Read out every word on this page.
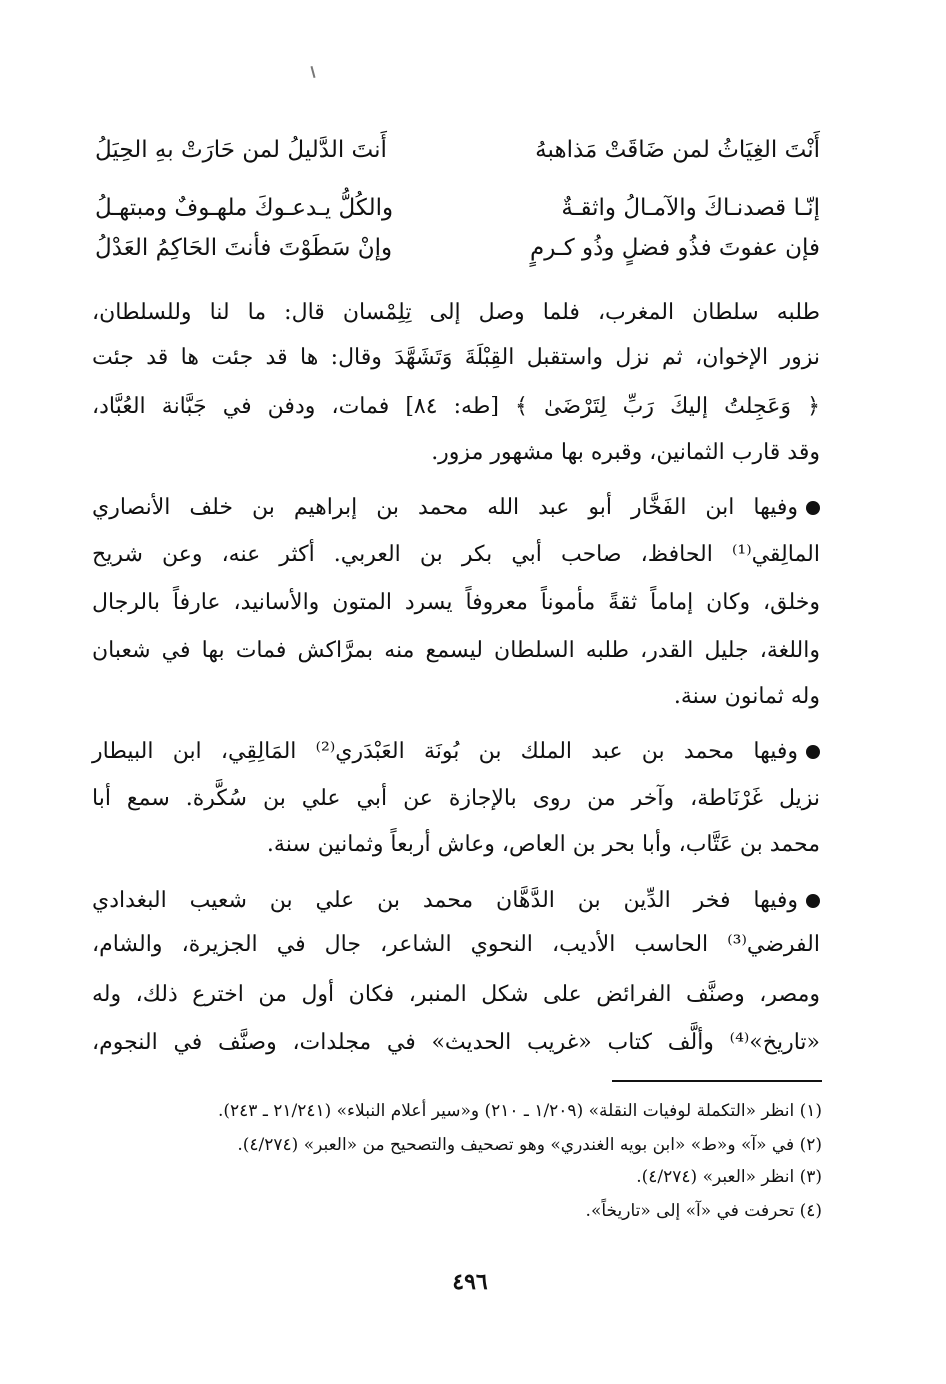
أَنْتَ الغِيَاثُ لمن ضَاقَتْ مَذاهبهُ
أَنتَ الدَّليلُ لمن حَارَتْ بهِ الحِيَلُ
إنّـا قصدنـاكَ والآمـالُ واثقـةٌ
والكُلُّ يـدعـوكَ ملهـوفٌ ومبتهـلُ
فإن عفوتَ فذُو فضلٍ وذُو كـرمٍ
وإنْ سَطَوْتَ فأنتَ الحَاكِمُ العَدْلُ
طلبه سلطان المغرب، فلما وصل إلى تِلِمْسان قال: ما لنا وللسلطان،
نزور الإخوان، ثم نزل واستقبل القِبْلَةَ وَتَشَهَّدَ وقال: ها قد جئت ها قد جئت
﴿ وَعَجِلتُ إليكَ رَبِّ لِتَرْضَىٰ ﴾ [طه: ٨٤] فمات، ودفن في جَبَّانة العُبَّاد،
وقد قارب الثمانين، وقبره بها مشهور مزور.
وفيها ابن الفَخَّار أبو عبد الله محمد بن إبراهيم بن خلف الأنصاري
المالِقي⁽¹⁾ الحافظ، صاحب أبي بكر بن العربي. أكثر عنه، وعن شريح
وخلق، وكان إماماً ثقةً مأموناً معروفاً يسرد المتون والأسانيد، عارفاً بالرجال
واللغة، جليل القدر، طلبه السلطان ليسمع منه بمرَّاكش فمات بها في شعبان
وله ثمانون سنة.
وفيها محمد بن عبد الملك بن بُونَة العَبْدَري⁽²⁾ المَالِقِي، ابن البيطار
نزيل غَرْنَاطة، وآخر من روى بالإجازة عن أبي علي بن سُكَّرة. سمع أبا
محمد بن عَتَّاب، وأبا بحر بن العاص، وعاش أربعاً وثمانين سنة.
وفيها فخر الدِّين بن الدَّهَّان محمد بن علي بن شعيب البغدادي
الفرضي⁽³⁾ الحاسب الأديب، النحوي الشاعر، جال في الجزيرة، والشام،
ومصر، وصنَّف الفرائض على شكل المنبر، فكان أول من اخترع ذلك، وله
«تاريخ»⁽⁴⁾ وألَّف كتاب «غريب الحديث» في مجلدات، وصنَّف في النجوم،
(١) انظر «التكملة لوفيات النقلة» (١/٢٠٩ ـ ٢١٠) و«سير أعلام النبلاء» (٢١/٢٤١ ـ ٢٤٣).
(٢) في «آ» و«ط» «ابن بويه الغندري» وهو تصحيف والتصحيح من «العبر» (٤/٢٧٤).
(٣) انظر «العبر» (٤/٢٧٤).
(٤) تحرفت في «آ» إلى «تاريخاً».
٤٩٦
